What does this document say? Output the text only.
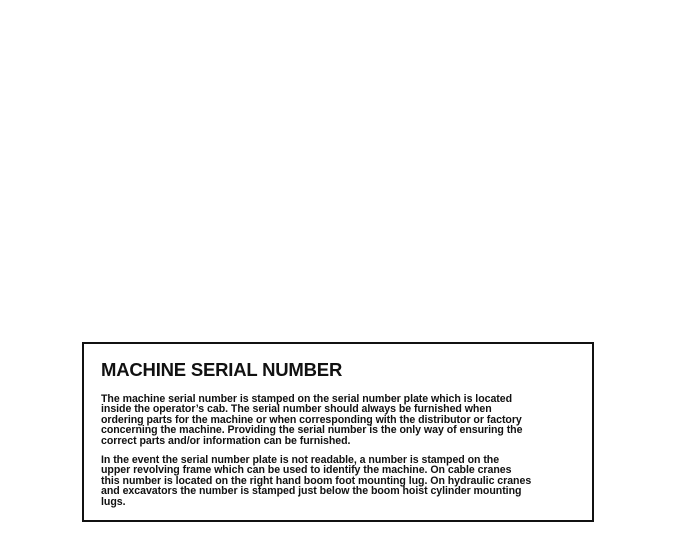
MACHINE SERIAL NUMBER

The machine serial number is stamped on the serial number plate which is located
inside the operator’s cab. The serial number should always be furnished when
ordering parts for the machine or when corresponding with the distributor or factory
concerning the machine. Providing the serial number is the only way of ensuring the
correct parts and/or information can be furnished.

In the event the serial number plate is not readable, a number is stamped on the
upper revolving frame which can be used to identify the machine. On cable cranes
this number is located on the right hand boom foot mounting lug. On hydraulic cranes
and excavators the number is stamped just below the boom hoist cylinder mounting
lugs.
